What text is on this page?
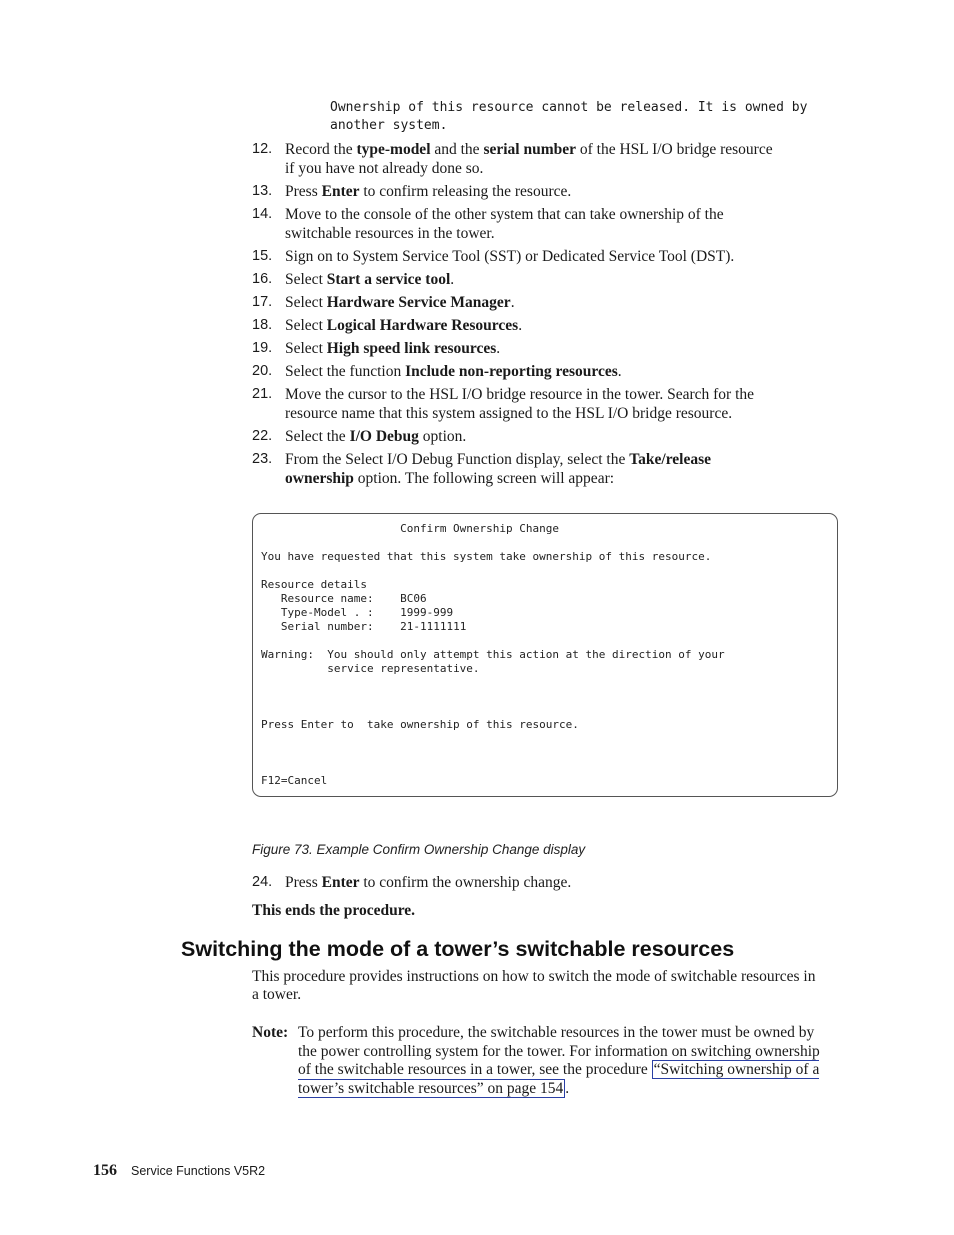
Ownership of this resource cannot be released. It is owned by
another system.
12. Record the type-model and the serial number of the HSL I/O bridge resource
if you have not already done so.
13. Press Enter to confirm releasing the resource.
14. Move to the console of the other system that can take ownership of the
switchable resources in the tower.
15. Sign on to System Service Tool (SST) or Dedicated Service Tool (DST).
16. Select Start a service tool.
17. Select Hardware Service Manager.
18. Select Logical Hardware Resources.
19. Select High speed link resources.
20. Select the function Include non-reporting resources.
21. Move the cursor to the HSL I/O bridge resource in the tower. Search for the
resource name that this system assigned to the HSL I/O bridge resource.
22. Select the I/O Debug option.
23. From the Select I/O Debug Function display, select the Take/release
ownership option. The following screen will appear:
Confirm Ownership Change

You have requested that this system take ownership of this resource.

Resource details
Resource name: BC06
Type-Model . : 1999-999
Serial number: 21-1111111

Warning: You should only attempt this action at the direction of your
service representative.

Press Enter to  take ownership of this resource.

F12=Cancel
Figure 73. Example Confirm Ownership Change display
24. Press Enter to confirm the ownership change.
This ends the procedure.
Switching the mode of a tower’s switchable resources
This procedure provides instructions on how to switch the mode of switchable resources in a tower.
Note: To perform this procedure, the switchable resources in the tower must be owned by the power controlling system for the tower. For information on switching ownership of the switchable resources in a tower, see the procedure “Switching ownership of a tower’s switchable resources” on page 154 .
156 Service Functions V5R2
